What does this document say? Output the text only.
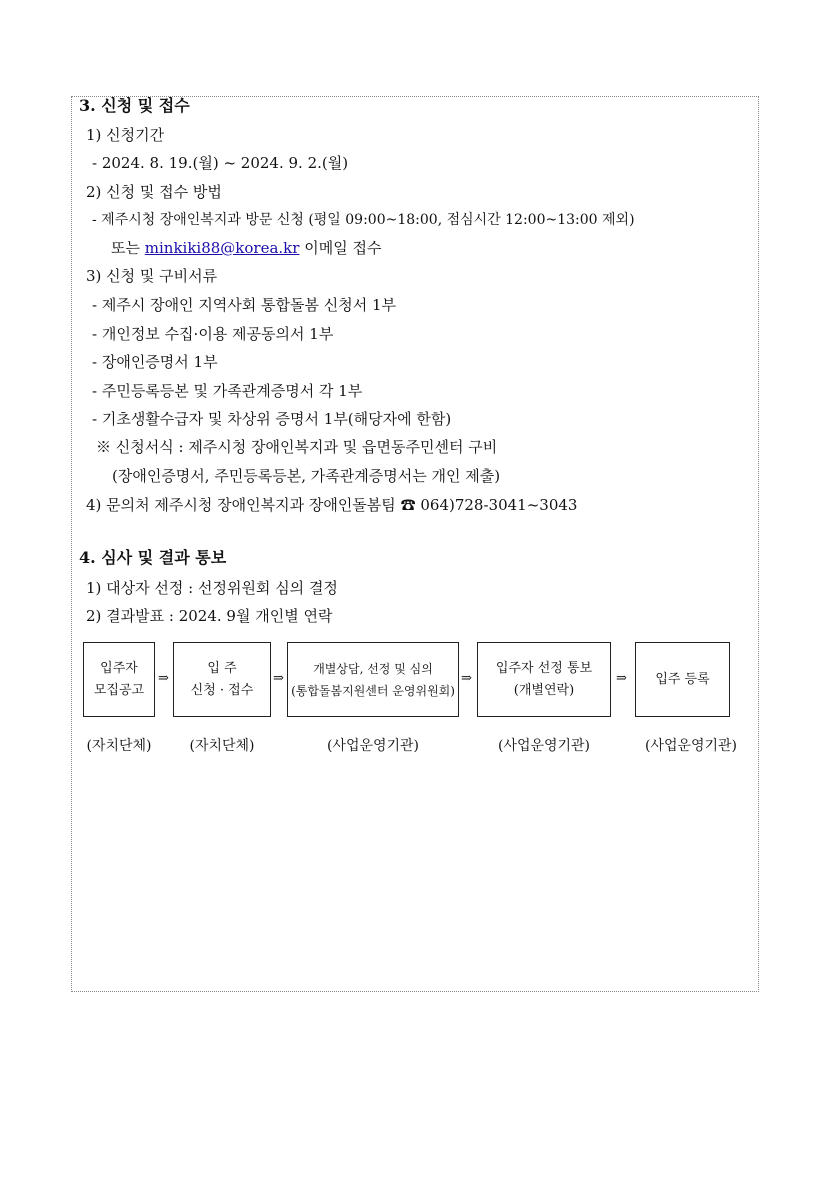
3. 신청 및 접수
1) 신청기간
- 2024. 8. 19.(월) ~ 2024. 9. 2.(월)
2) 신청 및 접수 방법
- 제주시청 장애인복지과 방문 신청 (평일 09:00~18:00, 점심시간 12:00~13:00 제외)
또는 minkiki88@korea.kr 이메일 접수
3) 신청 및 구비서류
- 제주시 장애인 지역사회 통합돌봄 신청서 1부
- 개인정보 수집·이용 제공동의서 1부
- 장애인증명서 1부
- 주민등록등본 및 가족관계증명서 각 1부
- 기초생활수급자 및 차상위 증명서 1부(해당자에 한함)
※ 신청서식 : 제주시청 장애인복지과 및 읍면동주민센터 구비
(장애인증명서, 주민등록등본, 가족관계증명서는 개인 제출)
4) 문의처 제주시청 장애인복지과 장애인돌봄팀 ☎ 064)728-3041~3043
4. 심사 및 결과 통보
1) 대상자 선정 : 선정위원회 심의 결정
2) 결과발표 : 2024. 9월 개인별 연락
입주자
모집공고
⇒
입 주
신청 · 접수
⇒
개별상담, 선정 및 심의
(통합돌봄지원센터 운영위원회)
⇒
입주자 선정 통보
(개별연락)
⇒ 입주 등록
(자치단체)	(자치단체)	(사업운영기관)	(사업운영기관)	(사업운영기관)
